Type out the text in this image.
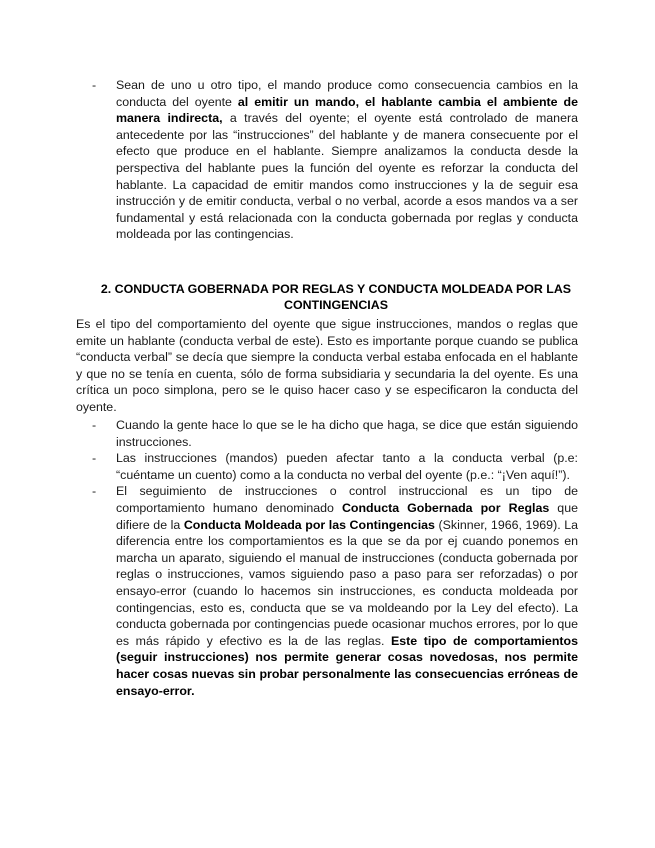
- Sean de uno u otro tipo, el mando produce como consecuencia cambios en la conducta del oyente al emitir un mando, el hablante cambia el ambiente de manera indirecta, a través del oyente; el oyente está controlado de manera antecedente por las “instrucciones” del hablante y de manera consecuente por el efecto que produce en el hablante. Siempre analizamos la conducta desde la perspectiva del hablante pues la función del oyente es reforzar la conducta del hablante. La capacidad de emitir mandos como instrucciones y la de seguir esa instrucción y de emitir conducta, verbal o no verbal, acorde a esos mandos va a ser fundamental y está relacionada con la conducta gobernada por reglas y conducta moldeada por las contingencias.
2. CONDUCTA GOBERNADA POR REGLAS Y CONDUCTA MOLDEADA POR LAS CONTINGENCIAS

Es el tipo del comportamiento del oyente que sigue instrucciones, mandos o reglas que emite un hablante (conducta verbal de este). Esto es importante porque cuando se publica “conducta verbal” se decía que siempre la conducta verbal estaba enfocada en el hablante y que no se tenía en cuenta, sólo de forma subsidiaria y secundaria la del oyente. Es una crítica un poco simplona, pero se le quiso hacer caso y se especificaron la conducta del oyente.

- Cuando la gente hace lo que se le ha dicho que haga, se dice que están siguiendo instrucciones.
- Las instrucciones (mandos) pueden afectar tanto a la conducta verbal (p.e: “cuéntame un cuento) como a la conducta no verbal del oyente (p.e.: “¡Ven aquí!”).
- El seguimiento de instrucciones o control instruccional es un tipo de comportamiento humano denominado Conducta Gobernada por Reglas que difiere de la Conducta Moldeada por las Contingencias (Skinner, 1966, 1969). La diferencia entre los comportamientos es la que se da por ej cuando ponemos en marcha un aparato, siguiendo el manual de instrucciones (conducta gobernada por reglas o instrucciones, vamos siguiendo paso a paso para ser reforzadas) o por ensayo-error (cuando lo hacemos sin instrucciones, es conducta moldeada por contingencias, esto es, conducta que se va moldeando por la Ley del efecto). La conducta gobernada por contingencias puede ocasionar muchos errores, por lo que es más rápido y efectivo es la de las reglas. Este tipo de comportamientos (seguir instrucciones) nos permite generar cosas novedosas, nos permite hacer cosas nuevas sin probar personalmente las consecuencias erróneas de ensayo-error.
